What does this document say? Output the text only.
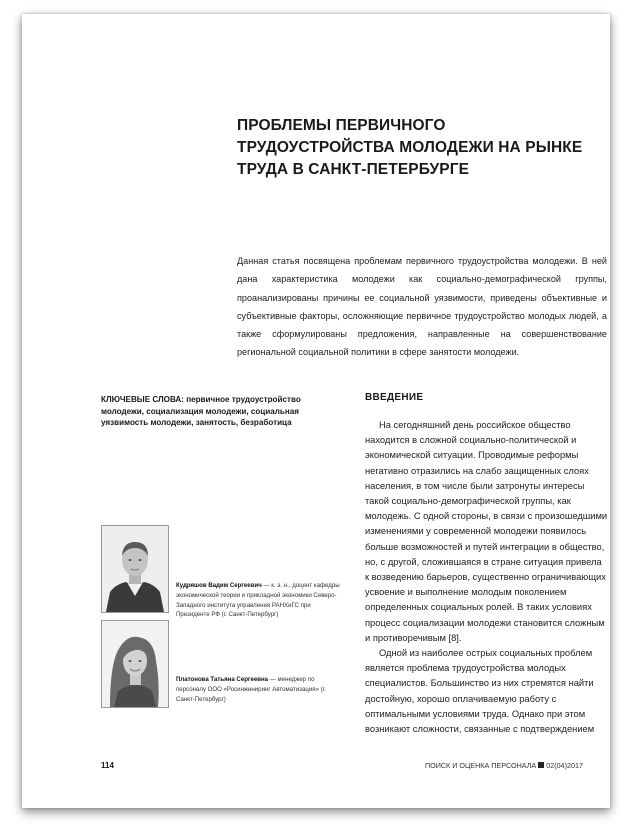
ПРОБЛЕМЫ ПЕРВИЧНОГО ТРУДОУСТРОЙСТВА МОЛОДЕЖИ НА РЫНКЕ ТРУДА В САНКТ-ПЕТЕРБУРГЕ

Данная статья посвящена проблемам первичного трудоустройства молодежи. В ней дана характеристика молодежи как социально-демографической группы, проанализированы причины ее социальной уязвимости, приведены объективные и субъективные факторы, осложняющие первичное трудоустройство молодых людей, а также сформулированы предложения, направленные на совершенствование региональной социальной политики в сфере занятости молодежи.

КЛЮЧЕВЫЕ СЛОВА: первичное трудоустройство молодежи, социализация молодежи, социальная уязвимость молодежи, занятость, безработица

ВВЕДЕНИЕ

На сегодняшний день российское общество находится в сложной социально-политической и экономической ситуации. Проводимые реформы негативно отразились на слабо защищенных слоях населения, в том числе были затронуты интересы такой социально-демографической группы, как молодежь. С одной стороны, в связи с произошедшими изменениями у современной молодежи появилось больше возможностей и путей интеграции в общество, но, с другой, сложившаяся в стране ситуация привела к возведению барьеров, существенно ограничивающих усвоение и выполнение молодым поколением определенных социальных ролей. В таких условиях процесс социализации молодежи становится сложным и противоречивым [8].

Одной из наиболее острых социальных проблем является проблема трудоустройства молодых специалистов. Большинство из них стремятся найти достойную, хорошо оплачиваемую работу с оптимальными условиями труда. Однако при этом возникают сложности, связанные с подтверждением

Кудряшов Вадим Сергеевич — к. э. н., доцент кафедры экономической теории и прикладной экономики Северо-Западного института управления РАНХиГС при Президенте РФ (г. Санкт-Петербург)

Платонова Татьяна Сергеевна — менеджер по персоналу ООО «Росинжиниринг Автоматизация» (г. Санкт-Петербург)

114	ПОИСК И ОЦЕНКА ПЕРСОНАЛА 02(04)2017
